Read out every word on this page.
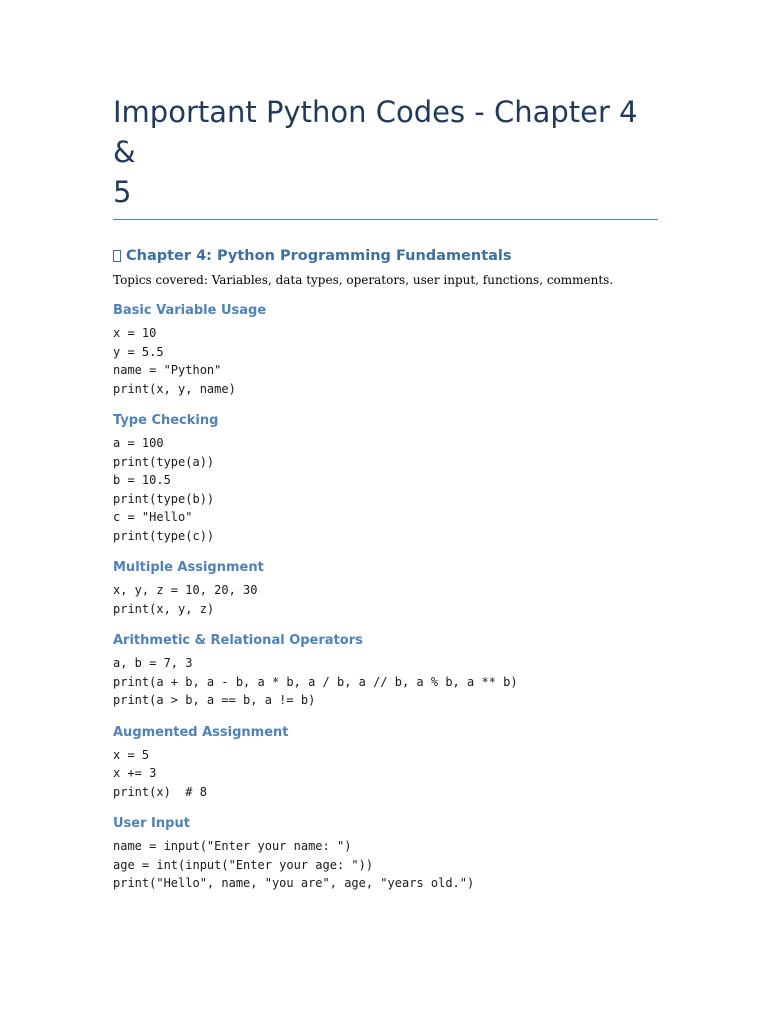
Important Python Codes - Chapter 4 &
5
Chapter 4: Python Programming Fundamentals

Topics covered: Variables, data types, operators, user input, functions, comments.

Basic Variable Usage
x = 10
y = 5.5
name = "Python"
print(x, y, name)
Type Checking
a = 100
print(type(a))
b = 10.5
print(type(b))
c = "Hello"
print(type(c))
Multiple Assignment
x, y, z = 10, 20, 30
print(x, y, z)
Arithmetic & Relational Operators
a, b = 7, 3
print(a + b, a - b, a * b, a / b, a // b, a % b, a ** b)
print(a > b, a == b, a != b)
Augmented Assignment
x = 5
x += 3
print(x)  # 8
User Input
name = input("Enter your name: ")
age = int(input("Enter your age: "))
print("Hello", name, "you are", age, "years old.")
